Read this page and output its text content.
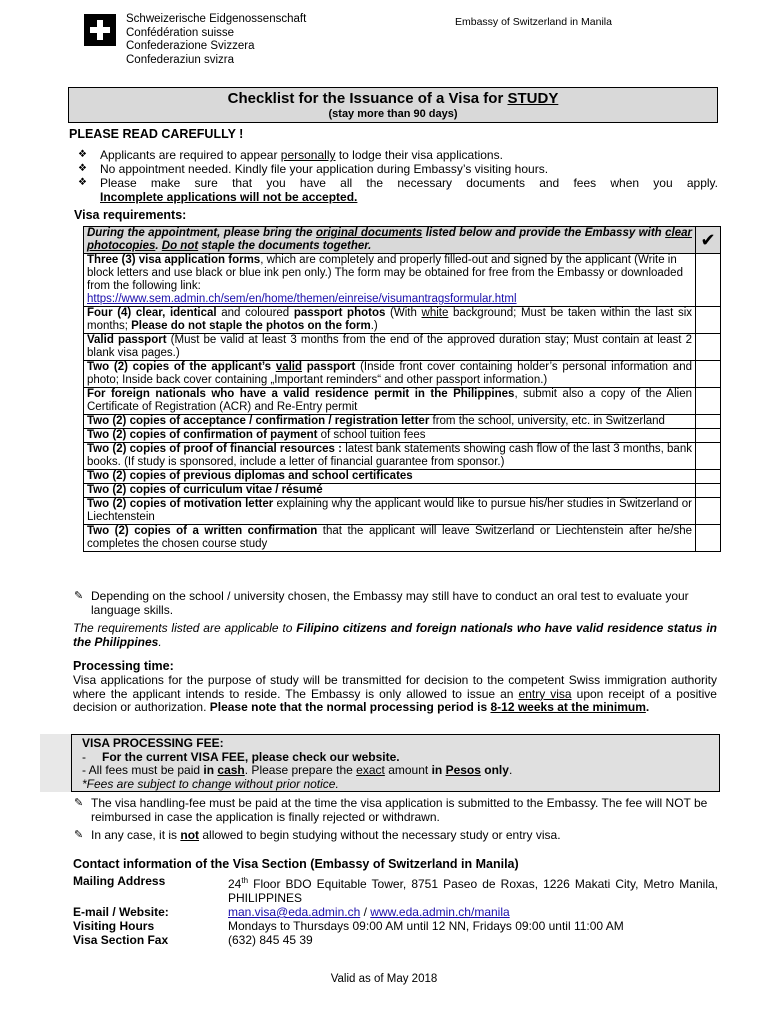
Schweizerische Eidgenossenschaft
Confédération suisse
Confederazione Svizzera
Confederaziun svizra
Embassy of Switzerland in Manila
Checklist for the Issuance of a Visa for STUDY
(stay more than 90 days)
PLEASE READ CAREFULLY !
❖ Applicants are required to appear personally to lodge their visa applications.
❖ No appointment needed. Kindly file your application during Embassy’s visiting hours.
❖ Please make sure that you have all the necessary documents and fees when you apply.
Incomplete applications will not be accepted.
Visa requirements:
During the appointment, please bring the original documents listed below and provide the Embassy with clear photocopies. Do not staple the documents together.	✔
Three (3) visa application forms, which are completely and properly filled-out and signed by the applicant (Write in block letters and use black or blue ink pen only.) The form may be obtained for free from the Embassy or downloaded from the following link:
https://www.sem.admin.ch/sem/en/home/themen/einreise/visumantragsformular.html	
Four (4) clear, identical and coloured passport photos (With white background; Must be taken within the last six months; Please do not staple the photos on the form.)	
Valid passport (Must be valid at least 3 months from the end of the approved duration stay; Must contain at least 2 blank visa pages.)	
Two (2) copies of the applicant’s valid passport (Inside front cover containing holder’s personal information and photo; Inside back cover containing „Important reminders“ and other passport information.)	
For foreign nationals who have a valid residence permit in the Philippines, submit also a copy of the Alien Certificate of Registration (ACR) and Re-Entry permit	
Two (2) copies of acceptance / confirmation / registration letter from the school, university, etc. in Switzerland	
Two (2) copies of confirmation of payment of school tuition fees	
Two (2) copies of proof of financial resources : latest bank statements showing cash flow of the last 3 months, bank books. (If study is sponsored, include a letter of financial guarantee from sponsor.)	
Two (2) copies of previous diplomas and school certificates	
Two (2) copies of curriculum vitae / résumé	
Two (2) copies of motivation letter explaining why the applicant would like to pursue his/her studies in Switzerland or Liechtenstein	
Two (2) copies of a written confirmation that the applicant will leave Switzerland or Liechtenstein after he/she completes the chosen course study	
✎ Depending on the school / university chosen, the Embassy may still have to conduct an oral test to evaluate your language skills.
The requirements listed are applicable to Filipino citizens and foreign nationals who have valid residence status in the Philippines.
Processing time:
Visa applications for the purpose of study will be transmitted for decision to the competent Swiss immigration authority where the applicant intends to reside. The Embassy is only allowed to issue an entry visa upon receipt of a positive decision or authorization. Please note that the normal processing period is 8-12 weeks at the minimum.
VISA PROCESSING FEE:
- For the current VISA FEE, please check our website.
- All fees must be paid in cash. Please prepare the exact amount in Pesos only.
*Fees are subject to change without prior notice.
✎ The visa handling-fee must be paid at the time the visa application is submitted to the Embassy. The fee will NOT be reimbursed in case the application is finally rejected or withdrawn.
✎ In any case, it is not allowed to begin studying without the necessary study or entry visa.
Contact information of the Visa Section (Embassy of Switzerland in Manila)
Mailing Address	24th Floor BDO Equitable Tower, 8751 Paseo de Roxas, 1226 Makati City, Metro Manila, PHILIPPINES
E-mail / Website:	man.visa@eda.admin.ch / www.eda.admin.ch/manila
Visiting Hours	Mondays to Thursdays 09:00 AM until 12 NN, Fridays 09:00 until 11:00 AM
Visa Section Fax	(632) 845 45 39
Valid as of May 2018
